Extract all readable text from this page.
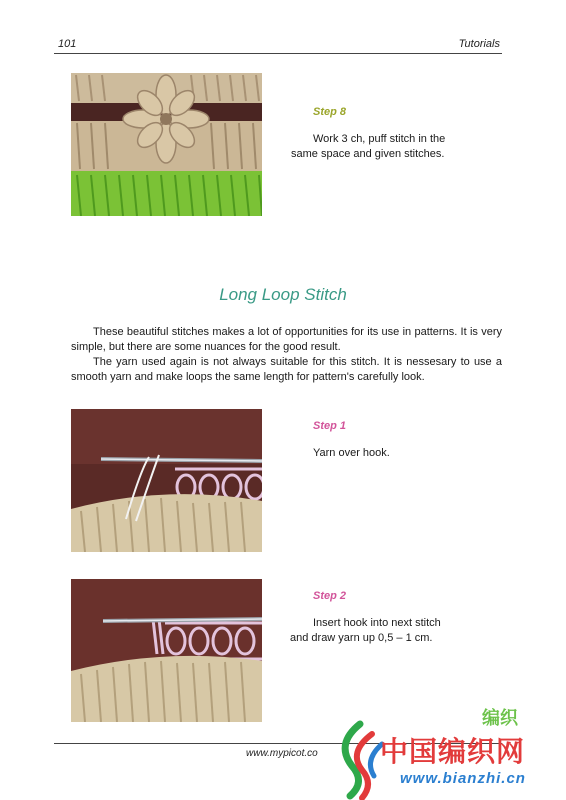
101	Tutorials
Step 8
Work 3 ch, puff stitch in the
same space and given stitches.
Long Loop Stitch

These beautiful stitches makes a lot of opportunities for its use in patterns. It is very simple, but there are some nuances for the good result.

The yarn used again is not always suitable for this stitch. It is nessesary to use a smooth yarn and make loops the same length for pattern's carefully look.

Step 1
Yarn over hook.
Step 2
Insert hook into next stitch
and draw yarn up 0,5 – 1 cm.
www.mypicot.co
编织
中国编织网
www.bianzhi.cn
